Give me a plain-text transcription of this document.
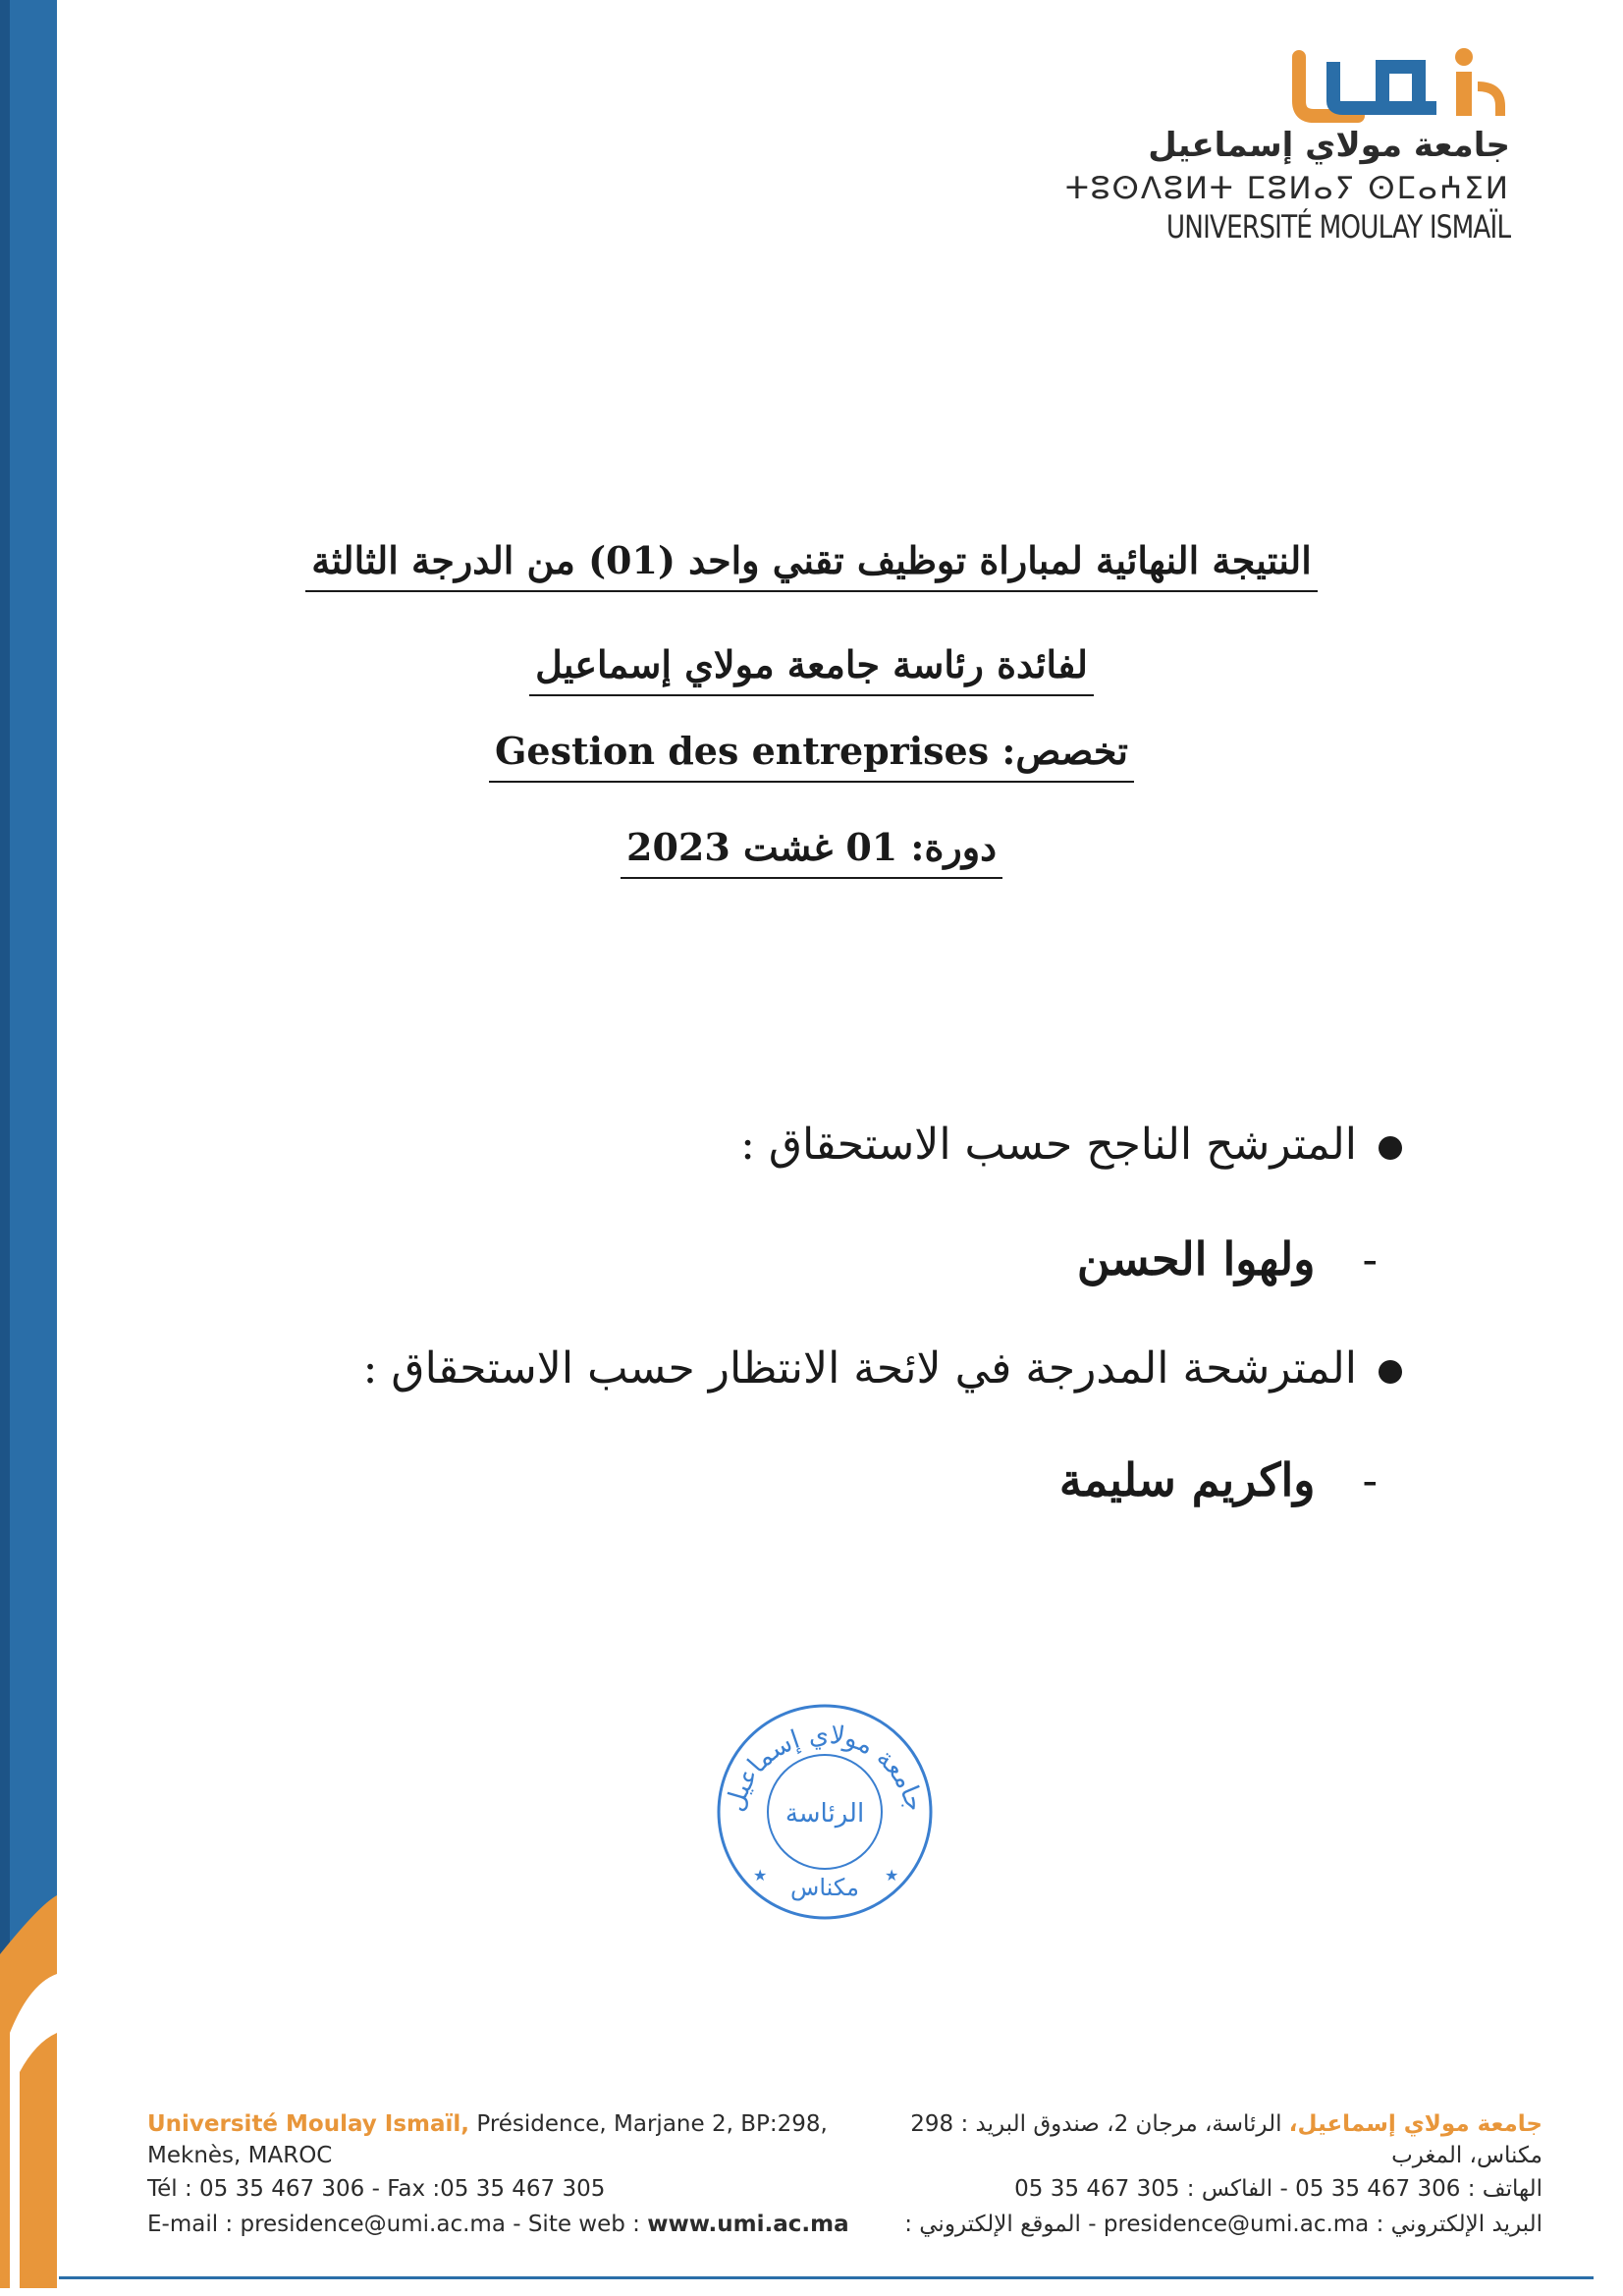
جامعة مولاي إسماعيل
ⵜⵓⵙⴷⵓⵍⵜ ⵎⵓⵍⴰⵢ ⵙⵎⴰⵄⵉⵍ
UNIVERSITÉ MOULAY ISMAÏL
النتيجة النهائية لمباراة توظيف تقني واحد (01) من الدرجة الثالثة
لفائدة رئاسة جامعة مولاي إسماعيل
تخصص: Gestion des entreprises
دورة: 01 غشت 2023
المترشح الناجح حسب الاستحقاق :
-ولهوا الحسن
المترشحة المدرجة في لائحة الانتظار حسب الاستحقاق :
-واكريم سليمة
جامعة مولاي إسماعيل
الرئاسة
مكناس
★	★
Université Moulay Ismaïl, Présidence, Marjane 2, BP:298,
Meknès, MAROC
Tél : 05 35 467 306 - Fax :05 35 467 305
E-mail : presidence@umi.ac.ma - Site web : www.umi.ac.ma
جامعة مولاي إسماعيل، الرئاسة، مرجان 2، صندوق البريد : 298
مكناس، المغرب
الهاتف : 306 467 35 05 - الفاكس : 305 467 35 05
البريد الإلكتروني : presidence@umi.ac.ma - الموقع الإلكتروني :
